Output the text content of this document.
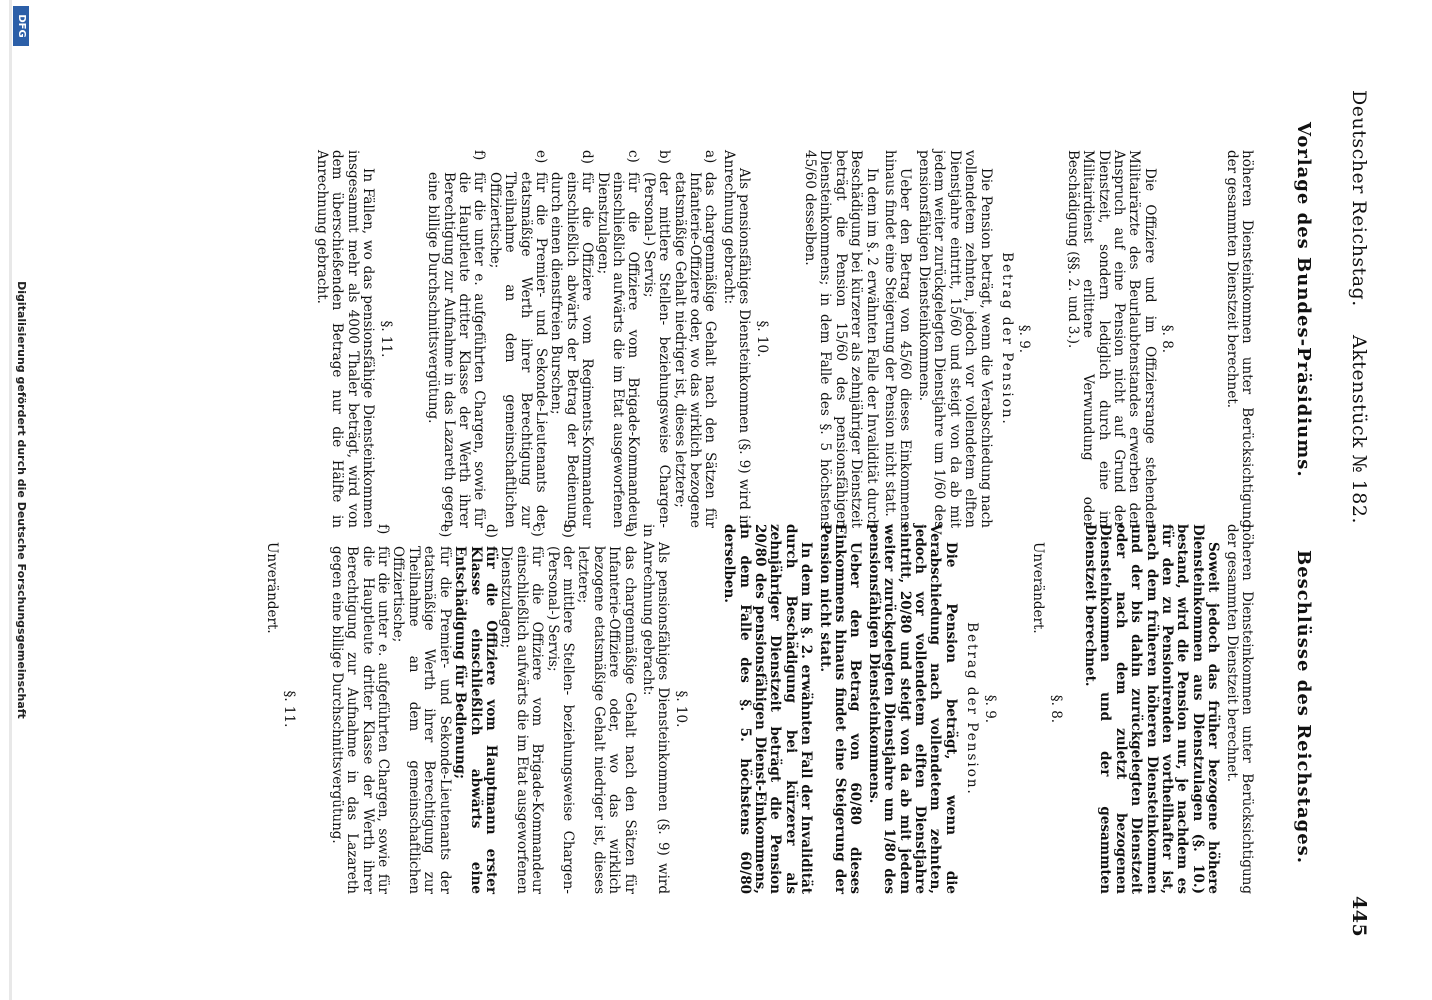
Deutscher Reichstag.
Aktenstück № 182.
445
Vorlage des Bundes-Präsidiums.
Beschlüsse des Reichstages.

höheren Diensteinkommen unter Berücksichtigung der gesammten Dienstzeit berechnet.

§. 8.

Die Offiziere und im Offiziersrange stehenden Militairärzte des Beurlaubtenstandes erwerben den Anspruch auf eine Pension nicht auf Grund der Dienstzeit, sondern lediglich durch eine im Militairdienst erlittene Verwundung oder Beschädigung (§§. 2. und 3.).

§. 9.
Betrag der Pension.

Die Pension beträgt, wenn die Verabschiedung nach vollendetem zehnten, jedoch vor vollendetem elften Dienstjahre eintritt, 15/60 und steigt von da ab mit jedem weiter zurückgelegten Dienstjahre um 1/60 des pensionsfähigen Diensteinkommens.

Ueber den Betrag von 45/60 dieses Einkommens hinaus findet eine Steigerung der Pension nicht statt.

In dem im §. 2 erwähnten Falle der Invalidität durch Beschädigung bei kürzerer als zehnjähriger Dienstzeit beträgt die Pension 15/60 des pensionsfähigen Diensteinkommens; in dem Falle des §. 5 höchstens 45/60 desselben.

§. 10.

Als pensionsfähiges Diensteinkommen (§. 9) wird in Anrechnung gebracht:

a)
das chargenmäßige Gehalt nach den Sätzen für Infanterie-Offiziere oder, wo das wirklich bezogene etatsmäßige Gehalt niedriger ist, dieses letztere;
b)
der mittlere Stellen- beziehungsweise Chargen-(Personal-) Servis;
c)
für die Offiziere vom Brigade-Kommandeur einschließlich aufwärts die im Etat ausgeworfenen Dienstzulagen;
d)
für die Offiziere vom Regiments-Kommandeur einschließlich abwärts der Betrag der Bedienung durch einen dienstfreien Burschen;
e)
für die Premier- und Sekonde-Lieutenants der etatsmäßige Werth ihrer Berechtigung zur Theilnahme an dem gemeinschaftlichen Offiziertische;
f)
für die unter e. aufgeführten Chargen, sowie für die Hauptleute dritter Klasse der Werth ihrer Berechtigung zur Aufnahme in das Lazareth gegen eine billige Durchschnittsvergütung.
§. 11.

In Fällen, wo das pensionsfähige Diensteinkommen insgesammt mehr als 4000 Thaler beträgt, wird von dem überschießenden Betrage nur die Hälfte in Anrechnung gebracht.

höheren Diensteinkommen unter Berücksichtigung der gesammten Dienstzeit berechnet.

Soweit jedoch das früher bezogene höhere Diensteinkommen aus Dienstzulagen (§. 10.) bestand, wird die Pension nur, je nachdem es für den zu Pensionirenden vortheilhafter ist, nach dem früheren höheren Diensteinkommen und der bis dahin zurückgelegten Dienstzeit oder nach dem zuletzt bezogenen Diensteinkommen und der gesammten Dienstzeit berechnet.

§. 8.

Unverändert.

§. 9.
Betrag der Pension.

Die Pension beträgt, wenn die Verabschiedung nach vollendetem zehnten, jedoch vor vollendetem elften Dienstjahre eintritt, 20/80 und steigt von da ab mit jedem weiter zurückgelegten Dienstjahre um 1/80 des pensionsfähigen Diensteinkommens.

Ueber den Betrag von 60/80 dieses Einkommens hinaus findet eine Steigerung der Pension nicht statt.

In dem im §. 2. erwähnten Fall der Invalidität durch Beschädigung bei kürzerer als zehnjähriger Dienstzeit beträgt die Pension 20/80 des pensionsfähigen Dienst-Einkommens, in dem Falle des §. 5. höchstens 60/80 derselben.

§. 10.

Als pensionsfähiges Diensteinkommen (§. 9) wird in Anrechnung gebracht:

a)
das chargenmäßige Gehalt nach den Sätzen für Infanterie-Offiziere oder, wo das wirklich bezogene etatsmäßige Gehalt niedriger ist, dieses letztere;
b)
der mittlere Stellen- beziehungsweise Chargen-(Personal-) Servis;
c)
für die Offiziere vom Brigade-Kommandeur einschließlich aufwärts die im Etat ausgeworfenen Dienstzulagen;
d)
für die Offiziere vom Hauptmann erster Klasse einschließlich abwärts eine Entschädigung für Bedienung;
e)
für die Premier- und Sekonde-Lieutenants der etatsmäßige Werth ihrer Berechtigung zur Theilnahme an dem gemeinschaftlichen Offiziertische;
f)
für die unter e. aufgeführten Chargen, sowie für die Hauptleute dritter Klasse der Werth ihrer Berechtigung zur Aufnahme in das Lazareth gegen eine billige Durchschnittsvergütung.
§. 11.

Unverändert.

DFG
Digitalisierung gefördert durch die Deutsche Forschungsgemeinschaft
